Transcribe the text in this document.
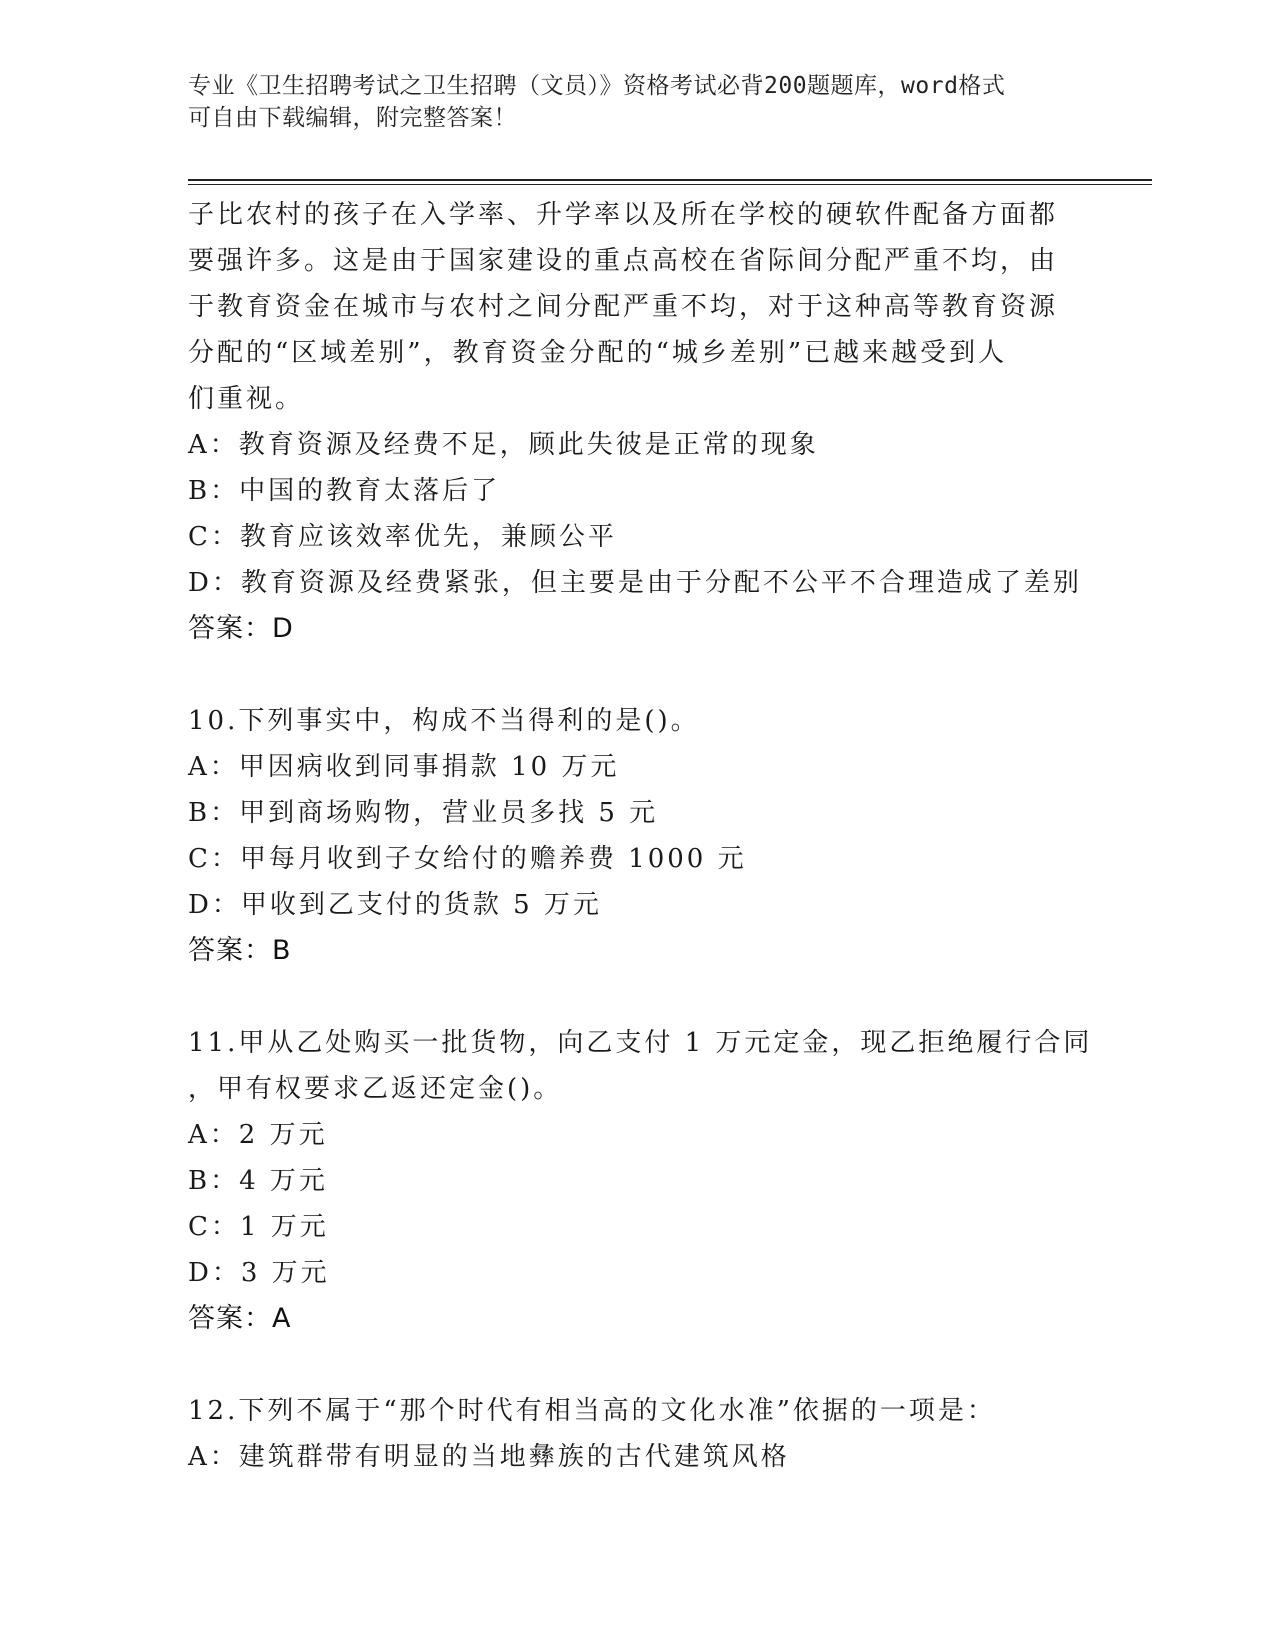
专业《卫生招聘考试之卫生招聘（文员）》资格考试必背200题题库，word格式
可自由下载编辑，附完整答案！
子比农村的孩子在入学率、升学率以及所在学校的硬软件配备方面都
要强许多。这是由于国家建设的重点高校在省际间分配严重不均，由
于教育资金在城市与农村之间分配严重不均，对于这种高等教育资源
分配的“区域差别”，教育资金分配的“城乡差别”已越来越受到人
们重视。
A：教育资源及经费不足，顾此失彼是正常的现象
B：中国的教育太落后了
C：教育应该效率优先，兼顾公平
D：教育资源及经费紧张，但主要是由于分配不公平不合理造成了差别
答案：D
10.下列事实中，构成不当得利的是()。
A：甲因病收到同事捐款 10 万元
B：甲到商场购物，营业员多找 5 元
C：甲每月收到子女给付的赡养费 1000 元
D：甲收到乙支付的货款 5 万元
答案：B
11.甲从乙处购买一批货物，向乙支付 1 万元定金，现乙拒绝履行合同
，甲有权要求乙返还定金()。
A：2 万元
B：4 万元
C：1 万元
D：3 万元
答案：A
12.下列不属于“那个时代有相当高的文化水准”依据的一项是：
A：建筑群带有明显的当地彝族的古代建筑风格
